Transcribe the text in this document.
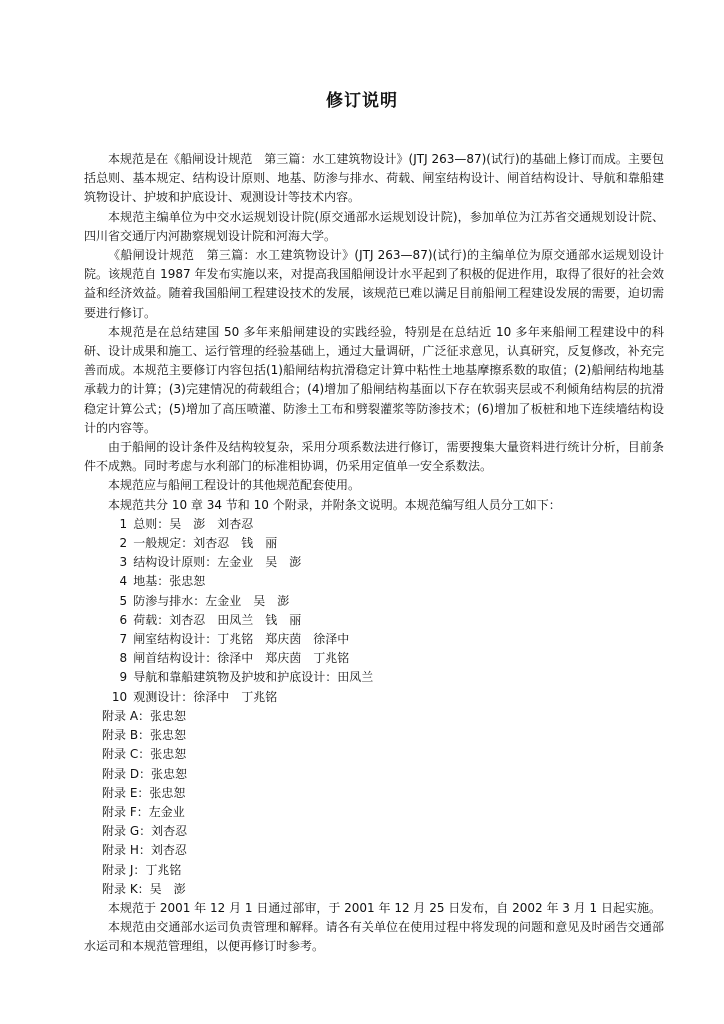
修订说明

本规范是在《船闸设计规范　第三篇：水工建筑物设计》(JTJ 263—87)(试行)的基础上修订而成。主要包括总则、基本规定、结构设计原则、地基、防渗与排水、荷载、闸室结构设计、闸首结构设计、导航和靠船建筑物设计、护坡和护底设计、观测设计等技术内容。

本规范主编单位为中交水运规划设计院(原交通部水运规划设计院)，参加单位为江苏省交通规划设计院、四川省交通厅内河勘察规划设计院和河海大学。

《船闸设计规范　第三篇：水工建筑物设计》(JTJ 263—87)(试行)的主编单位为原交通部水运规划设计院。该规范自 1987 年发布实施以来，对提高我国船闸设计水平起到了积极的促进作用，取得了很好的社会效益和经济效益。随着我国船闸工程建设技术的发展，该规范已难以满足目前船闸工程建设发展的需要，迫切需要进行修订。

本规范是在总结建国 50 多年来船闸建设的实践经验，特别是在总结近 10 多年来船闸工程建设中的科研、设计成果和施工、运行管理的经验基础上，通过大量调研，广泛征求意见，认真研究，反复修改，补充完善而成。本规范主要修订内容包括(1)船闸结构抗滑稳定计算中粘性土地基摩擦系数的取值；(2)船闸结构地基承载力的计算；(3)完建情况的荷载组合；(4)增加了船闸结构基面以下存在软弱夹层或不利倾角结构层的抗滑稳定计算公式；(5)增加了高压喷灌、防渗土工布和劈裂灌浆等防渗技术；(6)增加了板桩和地下连续墙结构设计的内容等。

由于船闸的设计条件及结构较复杂，采用分项系数法进行修订，需要搜集大量资料进行统计分析，目前条件不成熟。同时考虑与水利部门的标准相协调，仍采用定值单一安全系数法。

本规范应与船闸工程设计的其他规范配套使用。

本规范共分 10 章 34 节和 10 个附录，并附条文说明。本规范编写组人员分工如下：

1 总则：吴　澎　刘杏忍
2 一般规定：刘杏忍　钱　丽
3 结构设计原则：左金业　吴　澎
4 地基：张忠恕
5 防渗与排水：左金业　吴　澎
6 荷载：刘杏忍　田凤兰　钱　丽
7 闸室结构设计：丁兆铭　郑庆茵　徐泽中
8 闸首结构设计：徐泽中　郑庆茵　丁兆铭
9 导航和靠船建筑物及护坡和护底设计：田凤兰
10 观测设计：徐泽中　丁兆铭
附录 A：张忠恕
附录 B：张忠恕
附录 C：张忠恕
附录 D：张忠恕
附录 E：张忠恕
附录 F：左金业
附录 G：刘杏忍
附录 H：刘杏忍
附录 J：丁兆铭
附录 K：吴　澎

本规范于 2001 年 12 月 1 日通过部审，于 2001 年 12 月 25 日发布，自 2002 年 3 月 1 日起实施。

本规范由交通部水运司负责管理和解释。请各有关单位在使用过程中将发现的问题和意见及时函告交通部水运司和本规范管理组，以便再修订时参考。
